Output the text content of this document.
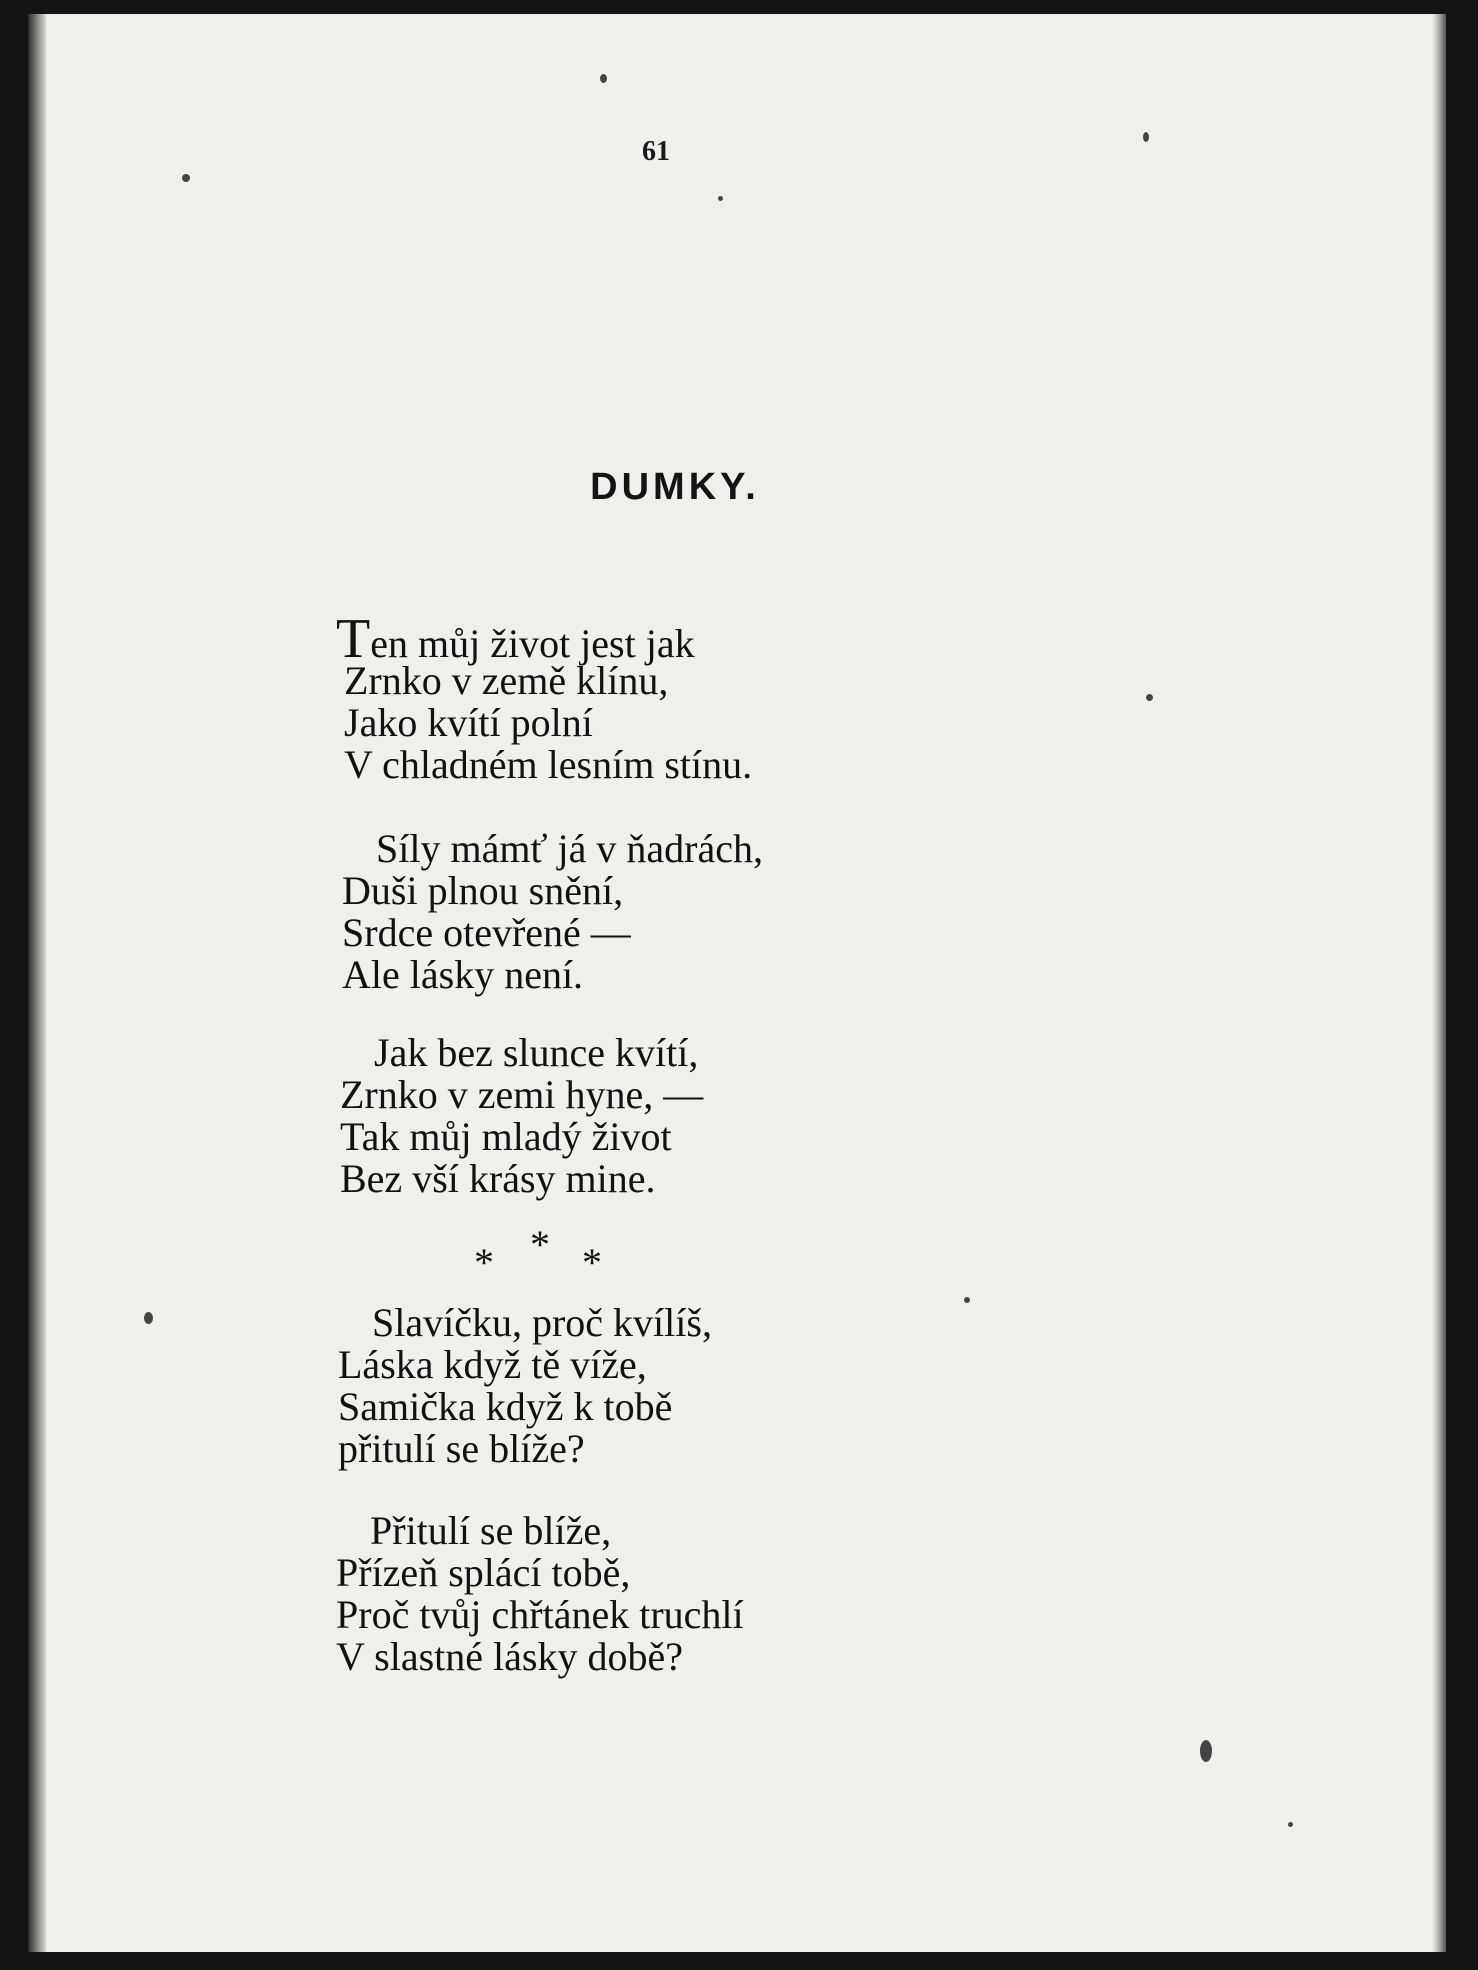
61

DUMKY.
Ten můj život jest jak
Zrnko v země klínu,
Jako kvítí polní
V chladném lesním stínu.
Síly mámť já v ňadrách,
Duši plnou snění,
Srdce otevřené —
Ale lásky není.
Jak bez slunce kvítí,
Zrnko v zemi hyne, —
Tak můj mladý život
Bez vší krásy mine.

*

* *

Slavíčku, proč kvílíš,
Láska když tě víže,
Samička když k tobě
přitulí se blíže?
Přitulí se blíže,
Přízeň splácí tobě,
Proč tvůj chřtánek truchlí
V slastné lásky době?
